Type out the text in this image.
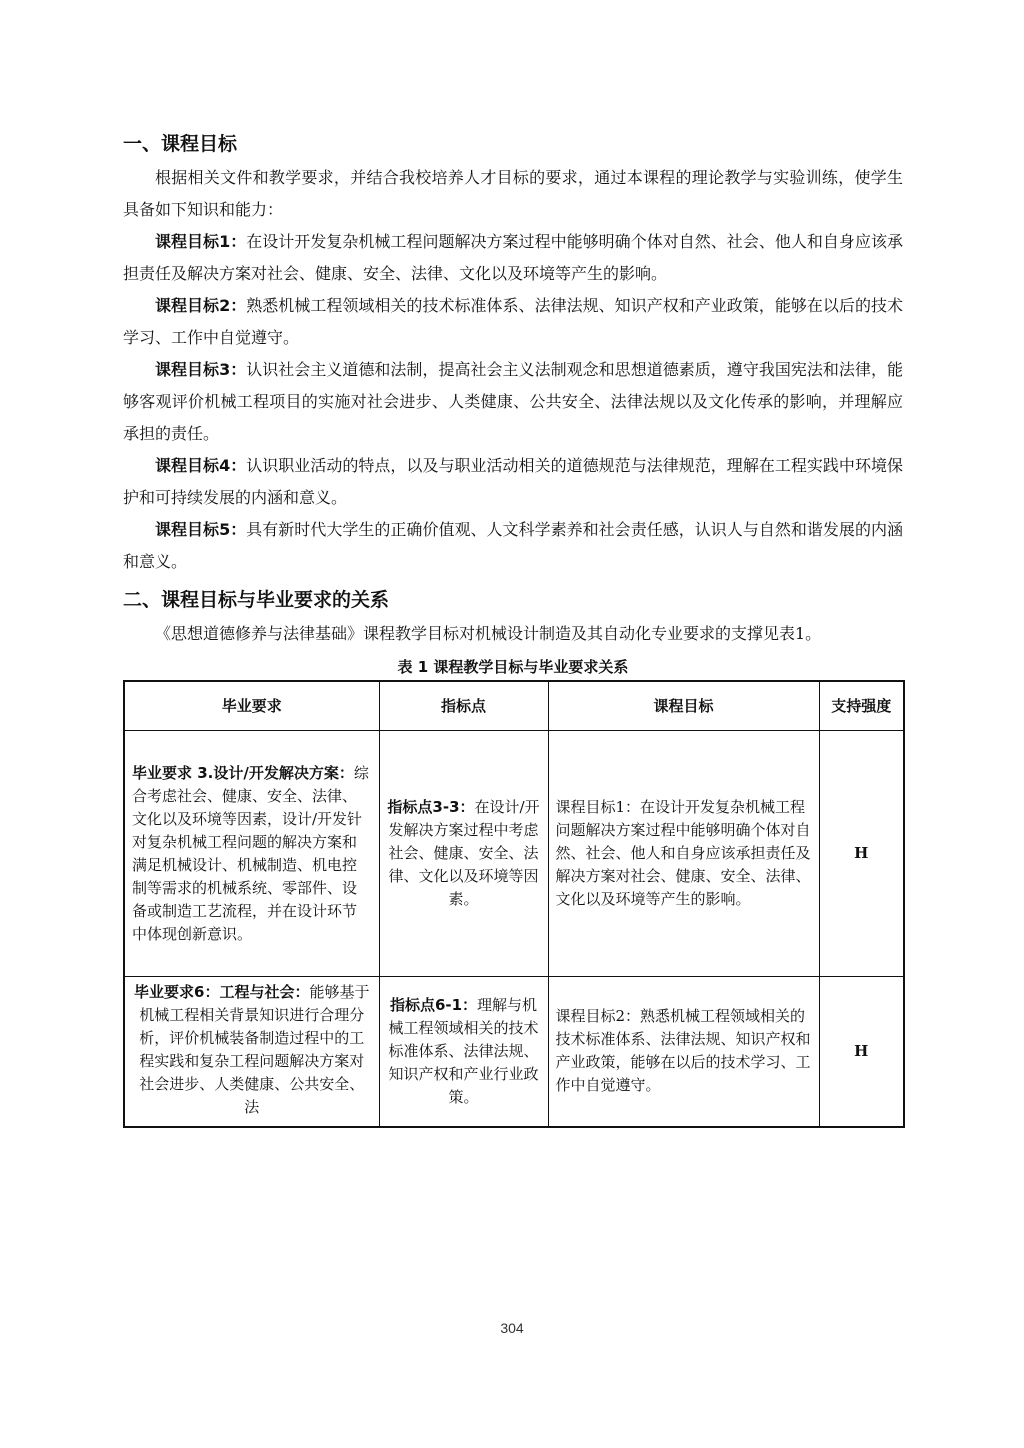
一、课程目标

根据相关文件和教学要求，并结合我校培养人才目标的要求，通过本课程的理论教学与实验训练，使学生具备如下知识和能力：

课程目标1：在设计开发复杂机械工程问题解决方案过程中能够明确个体对自然、社会、他人和自身应该承担责任及解决方案对社会、健康、安全、法律、文化以及环境等产生的影响。

课程目标2：熟悉机械工程领域相关的技术标准体系、法律法规、知识产权和产业政策，能够在以后的技术学习、工作中自觉遵守。

课程目标3：认识社会主义道德和法制，提高社会主义法制观念和思想道德素质，遵守我国宪法和法律，能够客观评价机械工程项目的实施对社会进步、人类健康、公共安全、法律法规以及文化传承的影响，并理解应承担的责任。

课程目标4：认识职业活动的特点，以及与职业活动相关的道德规范与法律规范，理解在工程实践中环境保护和可持续发展的内涵和意义。

课程目标5：具有新时代大学生的正确价值观、人文科学素养和社会责任感，认识人与自然和谐发展的内涵和意义。

二、课程目标与毕业要求的关系

《思想道德修养与法律基础》课程教学目标对机械设计制造及其自动化专业要求的支撑见表1。

表 1 课程教学目标与毕业要求关系
毕业要求	指标点	课程目标	支持强度
毕业要求 3.设计/开发解决方案：综合考虑社会、健康、安全、法律、文化以及环境等因素，设计/开发针对复杂机械工程问题的解决方案和满足机械设计、机械制造、机电控制等需求的机械系统、零部件、设备或制造工艺流程，并在设计环节中体现创新意识。	指标点3-3：在设计/开发解决方案过程中考虑社会、健康、安全、法律、文化以及环境等因素。	课程目标1：在设计开发复杂机械工程问题解决方案过程中能够明确个体对自然、社会、他人和自身应该承担责任及解决方案对社会、健康、安全、法律、文化以及环境等产生的影响。	H
毕业要求6：工程与社会：能够基于机械工程相关背景知识进行合理分析，评价机械装备制造过程中的工程实践和复杂工程问题解决方案对社会进步、人类健康、公共安全、法	指标点6-1：理解与机械工程领域相关的技术标准体系、法律法规、知识产权和产业行业政策。	课程目标2：熟悉机械工程领域相关的技术标准体系、法律法规、知识产权和产业政策，能够在以后的技术学习、工作中自觉遵守。	H
304
